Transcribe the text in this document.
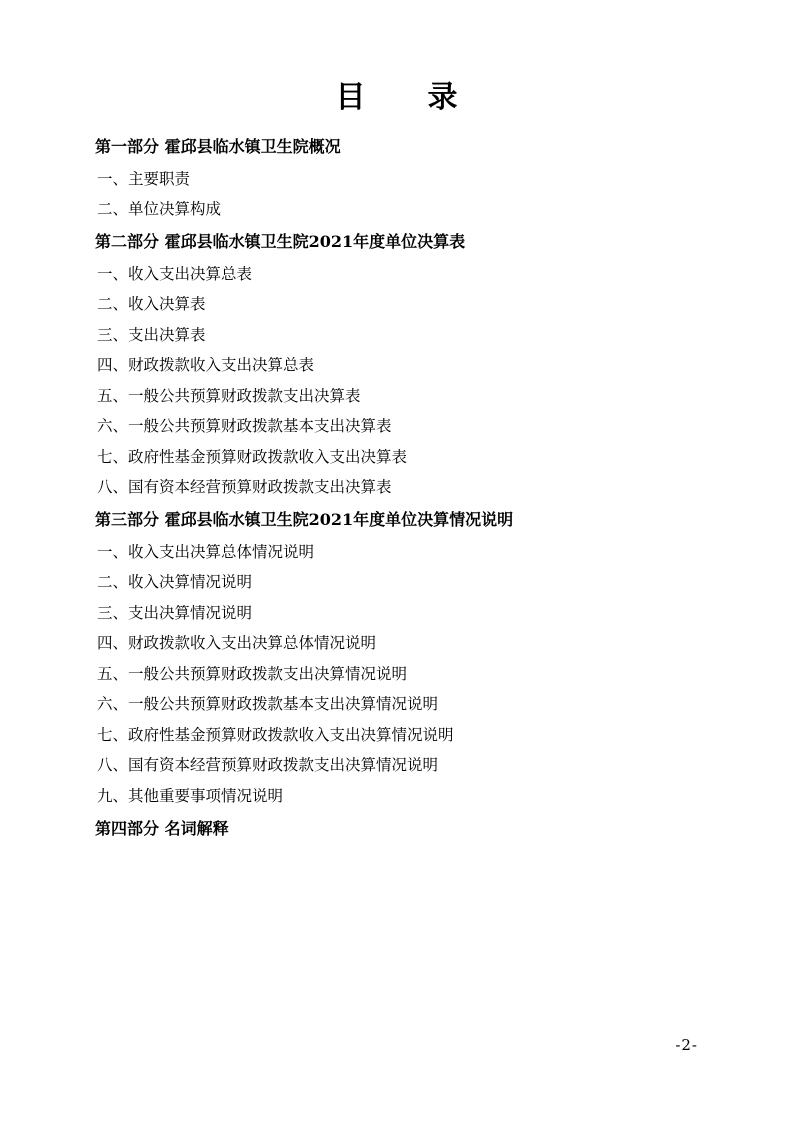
目　录
第一部分 霍邱县临水镇卫生院概况
一、主要职责
二、单位决算构成
第二部分 霍邱县临水镇卫生院2021年度单位决算表
一、收入支出决算总表
二、收入决算表
三、支出决算表
四、财政拨款收入支出决算总表
五、一般公共预算财政拨款支出决算表
六、一般公共预算财政拨款基本支出决算表
七、政府性基金预算财政拨款收入支出决算表
八、国有资本经营预算财政拨款支出决算表
第三部分 霍邱县临水镇卫生院2021年度单位决算情况说明
一、收入支出决算总体情况说明
二、收入决算情况说明
三、支出决算情况说明
四、财政拨款收入支出决算总体情况说明
五、一般公共预算财政拨款支出决算情况说明
六、一般公共预算财政拨款基本支出决算情况说明
七、政府性基金预算财政拨款收入支出决算情况说明
八、国有资本经营预算财政拨款支出决算情况说明
九、其他重要事项情况说明
第四部分 名词解释
-2-
